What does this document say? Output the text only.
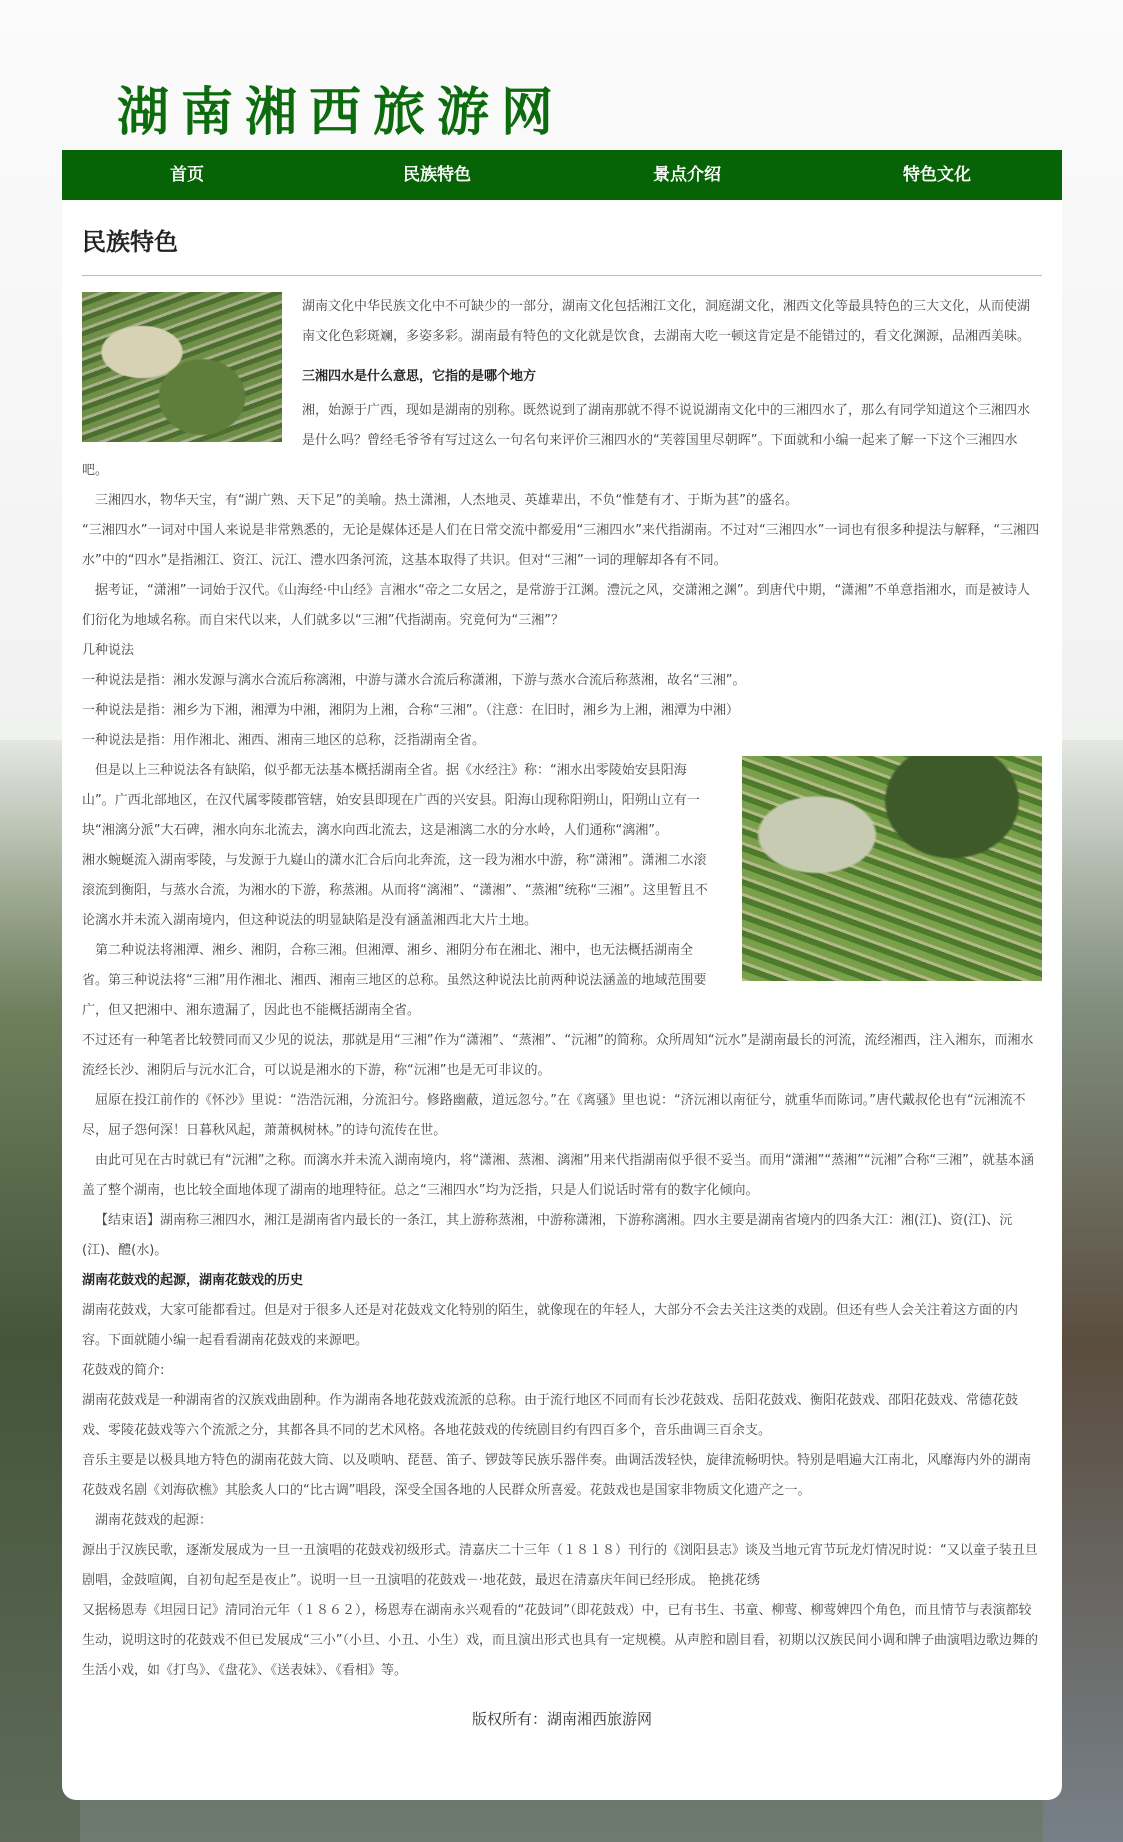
湖南湘西旅游网
首页	民族特色	景点介绍	特色文化
民族特色

湖南文化中华民族文化中不可缺少的一部分，湖南文化包括湘江文化，洞庭湖文化，湘西文化等最具特色的三大文化，从而使湖南文化色彩斑斓，多姿多彩。湖南最有特色的文化就是饮食，去湖南大吃一顿这肯定是不能错过的，看文化渊源，品湘西美味。

三湘四水是什么意思，它指的是哪个地方

湘，始源于广西，现如是湖南的别称。既然说到了湖南那就不得不说说湖南文化中的三湘四水了，那么有同学知道这个三湘四水是什么吗？曾经毛爷爷有写过这么一句名句来评价三湘四水的“芙蓉国里尽朝晖”。下面就和小编一起来了解一下这个三湘四水吧。

三湘四水，物华天宝，有“湖广熟、天下足”的美喻。热土潇湘，人杰地灵、英雄辈出，不负“惟楚有才、于斯为甚”的盛名。

“三湘四水”一词对中国人来说是非常熟悉的，无论是媒体还是人们在日常交流中都爱用“三湘四水”来代指湖南。不过对“三湘四水”一词也有很多种提法与解释，“三湘四水”中的“四水”是指湘江、资江、沅江、澧水四条河流，这基本取得了共识。但对“三湘”一词的理解却各有不同。

据考证，“潇湘”一词始于汉代。《山海经·中山经》言湘水“帝之二女居之，是常游于江渊。澧沅之风，交潇湘之渊”。到唐代中期，“潇湘”不单意指湘水，而是被诗人们衍化为地域名称。而自宋代以来，人们就多以“三湘”代指湖南。究竟何为“三湘”？

几种说法

一种说法是指：湘水发源与漓水合流后称漓湘，中游与潇水合流后称潇湘，下游与蒸水合流后称蒸湘，故名“三湘”。

一种说法是指：湘乡为下湘，湘潭为中湘，湘阴为上湘，合称“三湘”。（注意：在旧时，湘乡为上湘，湘潭为中湘）

一种说法是指：用作湘北、湘西、湘南三地区的总称，泛指湖南全省。

但是以上三种说法各有缺陷，似乎都无法基本概括湖南全省。据《水经注》称：“湘水出零陵始安县阳海山”。广西北部地区，在汉代属零陵郡管辖，始安县即现在广西的兴安县。阳海山现称阳朔山，阳朔山立有一块“湘漓分派”大石碑，湘水向东北流去，漓水向西北流去，这是湘漓二水的分水岭，人们通称“漓湘”。

湘水蜿蜒流入湖南零陵，与发源于九嶷山的潇水汇合后向北奔流，这一段为湘水中游，称“潇湘”。潇湘二水滚滚流到衡阳，与蒸水合流，为湘水的下游，称蒸湘。从而将“漓湘”、“潇湘”、“蒸湘”统称“三湘”。这里暂且不论漓水并未流入湖南境内，但这种说法的明显缺陷是没有涵盖湘西北大片土地。

第二种说法将湘潭、湘乡、湘阴，合称三湘。但湘潭、湘乡、湘阴分布在湘北、湘中，也无法概括湖南全省。第三种说法将“三湘”用作湘北、湘西、湘南三地区的总称。虽然这种说法比前两种说法涵盖的地域范围要广，但又把湘中、湘东遗漏了，因此也不能概括湖南全省。

不过还有一种笔者比较赞同而又少见的说法，那就是用“三湘”作为“潇湘”、“蒸湘”、“沅湘”的简称。众所周知“沅水”是湖南最长的河流，流经湘西，注入湘东，而湘水流经长沙、湘阴后与沅水汇合，可以说是湘水的下游，称“沅湘”也是无可非议的。

屈原在投江前作的《怀沙》里说：“浩浩沅湘，分流汩兮。修路幽蔽，道远忽兮。”在《离骚》里也说：“济沅湘以南征兮，就重华而陈词。”唐代戴叔伦也有“沅湘流不尽，屈子怨何深！日暮秋风起，萧萧枫树林。”的诗句流传在世。

由此可见在古时就已有“沅湘”之称。而漓水并未流入湖南境内，将“潇湘、蒸湘、漓湘”用来代指湖南似乎很不妥当。而用“潇湘”“蒸湘”“沅湘”合称“三湘”，就基本涵盖了整个湖南，也比较全面地体现了湖南的地理特征。总之“三湘四水”均为泛指，只是人们说话时常有的数字化倾向。

【结束语】湖南称三湘四水，湘江是湖南省内最长的一条江，其上游称蒸湘，中游称潇湘，下游称漓湘。四水主要是湖南省境内的四条大江：湘(江)、资(江)、沅(江)、醴(水)。

湖南花鼓戏的起源，湖南花鼓戏的历史

湖南花鼓戏，大家可能都看过。但是对于很多人还是对花鼓戏文化特别的陌生，就像现在的年轻人，大部分不会去关注这类的戏剧。但还有些人会关注着这方面的内容。下面就随小编一起看看湖南花鼓戏的来源吧。

花鼓戏的简介:

湖南花鼓戏是一种湖南省的汉族戏曲剧种。作为湖南各地花鼓戏流派的总称。由于流行地区不同而有长沙花鼓戏、岳阳花鼓戏、衡阳花鼓戏、邵阳花鼓戏、常德花鼓戏、零陵花鼓戏等六个流派之分，其都各具不同的艺术风格。各地花鼓戏的传统剧目约有四百多个，音乐曲调三百余支。

音乐主要是以极具地方特色的湖南花鼓大筒、以及唢呐、琵琶、笛子、锣鼓等民族乐器伴奏。曲调活泼轻快，旋律流畅明快。特别是唱遍大江南北，风靡海内外的湖南花鼓戏名剧《刘海砍樵》其脍炙人口的“比古调”唱段，深受全国各地的人民群众所喜爱。花鼓戏也是国家非物质文化遗产之一。

湖南花鼓戏的起源：

源出于汉族民歌，逐渐发展成为一旦一丑演唱的花鼓戏初级形式。清嘉庆二十三年（１８１８）刊行的《浏阳县志》谈及当地元宵节玩龙灯情况时说：“又以童子装丑旦剧唱，金鼓喧阗，自初旬起至是夜止”。说明一旦一丑演唱的花鼓戏－·地花鼓，最迟在清嘉庆年间已经形成。 艳挑花绣

又据杨恩寿《坦园日记》清同治元年（１８６２），杨恩寿在湖南永兴观看的“花鼓词”（即花鼓戏）中，已有书生、书童、柳莺、柳莺婢四个角色，而且情节与表演都较生动，说明这时的花鼓戏不但已发展成“三小”（小旦、小丑、小生）戏，而且演出形式也具有一定规模。从声腔和剧目看，初期以汉族民间小调和牌子曲演唱边歌边舞的生活小戏，如《打鸟》、《盘花》、《送表妹》、《看相》等。

版权所有：湖南湘西旅游网
